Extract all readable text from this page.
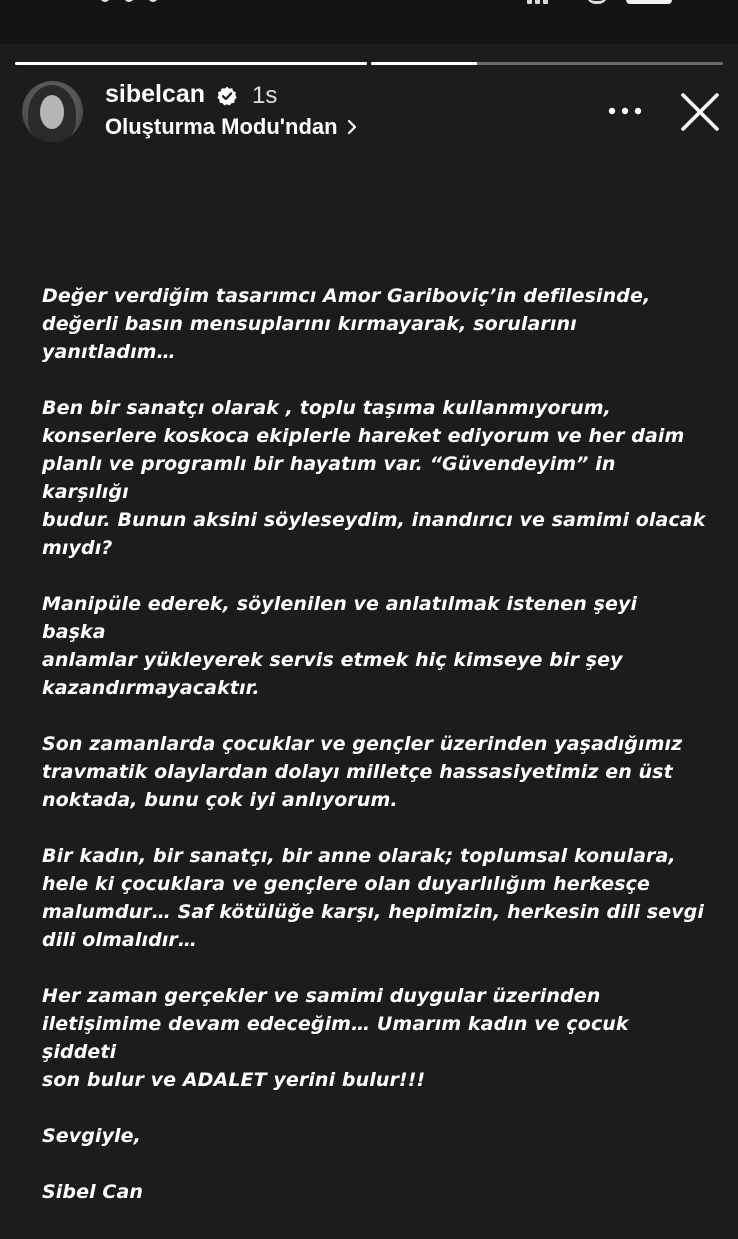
sibelcan 1s
Oluşturma Modu'ndan

Değer verdiğim tasarımcı Amor Gariboviç’in defilesinde,
değerli basın mensuplarını kırmayarak, sorularını
yanıtladım…

Ben bir sanatçı olarak , toplu taşıma kullanmıyorum,
konserlere koskoca ekiplerle hareket ediyorum ve her daim
planlı ve programlı bir hayatım var. “Güvendeyim” in karşılığı
budur. Bunun aksini söyleseydim, inandırıcı ve samimi olacak
mıydı?

Manipüle ederek, söylenilen ve anlatılmak istenen şeyi başka
anlamlar yükleyerek servis etmek hiç kimseye bir şey
kazandırmayacaktır.

Son zamanlarda çocuklar ve gençler üzerinden yaşadığımız
travmatik olaylardan dolayı milletçe hassasiyetimiz en üst
noktada, bunu çok iyi anlıyorum.

Bir kadın, bir sanatçı, bir anne olarak; toplumsal konulara,
hele ki çocuklara ve gençlere olan duyarlılığım herkesçe
malumdur… Saf kötülüğe karşı, hepimizin, herkesin dili sevgi
dili olmalıdır…

Her zaman gerçekler ve samimi duygular üzerinden
iletişimime devam edeceğim… Umarım kadın ve çocuk şiddeti
son bulur ve ADALET yerini bulur!!!

Sevgiyle,

Sibel Can
